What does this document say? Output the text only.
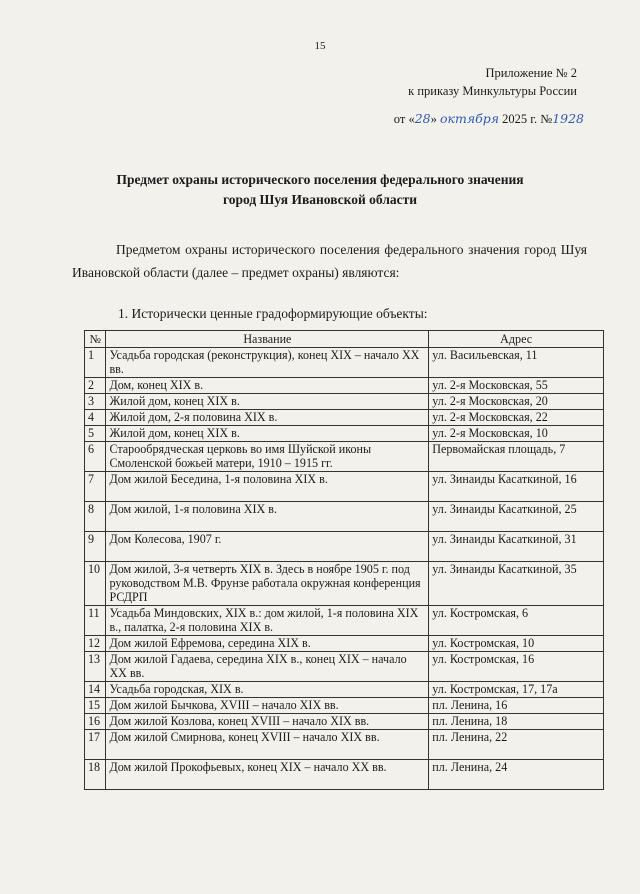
15
Приложение № 2
к приказу Минкультуры России
от «28» октября 2025 г. №1928
Предмет охраны исторического поселения федерального значения
город Шуя Ивановской области
Предметом охраны исторического поселения федерального значения город Шуя Ивановской области (далее – предмет охраны) являются:
1. Исторически ценные градоформирующие объекты:
№	Название	Адрес
1	Усадьба городская (реконструкция), конец XIX – начало XX вв.	ул. Васильевская, 11
2	Дом, конец XIX в.	ул. 2-я Московская, 55
3	Жилой дом, конец XIX в.	ул. 2-я Московская, 20
4	Жилой дом, 2-я половина XIX в.	ул. 2-я Московская, 22
5	Жилой дом, конец XIX в.	ул. 2-я Московская, 10
6	Старообрядческая церковь во имя Шуйской иконы Смоленской божьей матери, 1910 – 1915 гг.	Первомайская площадь, 7
7	Дом жилой Беседина, 1-я половина XIX в.	ул. Зинаиды Касаткиной, 16
8	Дом жилой, 1-я половина XIX в.	ул. Зинаиды Касаткиной, 25
9	Дом Колесова, 1907 г.	ул. Зинаиды Касаткиной, 31
10	Дом жилой, 3-я четверть XIX в. Здесь в ноябре 1905 г. под руководством М.В. Фрунзе работала окружная конференция РСДРП	ул. Зинаиды Касаткиной, 35
11	Усадьба Миндовских, XIX в.: дом жилой, 1-я половина XIX в., палатка, 2-я половина XIX в.	ул. Костромская, 6
12	Дом жилой Ефремова, середина XIX в.	ул. Костромская, 10
13	Дом жилой Гадаева, середина XIX в., конец XIX – начало XX вв.	ул. Костромская, 16
14	Усадьба городская, XIX в.	ул. Костромская, 17, 17а
15	Дом жилой Бычкова, XVIII – начало XIX вв.	пл. Ленина, 16
16	Дом жилой Козлова, конец XVIII – начало XIX вв.	пл. Ленина, 18
17	Дом жилой Смирнова, конец XVIII – начало XIX вв.	пл. Ленина, 22
18	Дом жилой Прокофьевых, конец XIX – начало XX вв.	пл. Ленина, 24
